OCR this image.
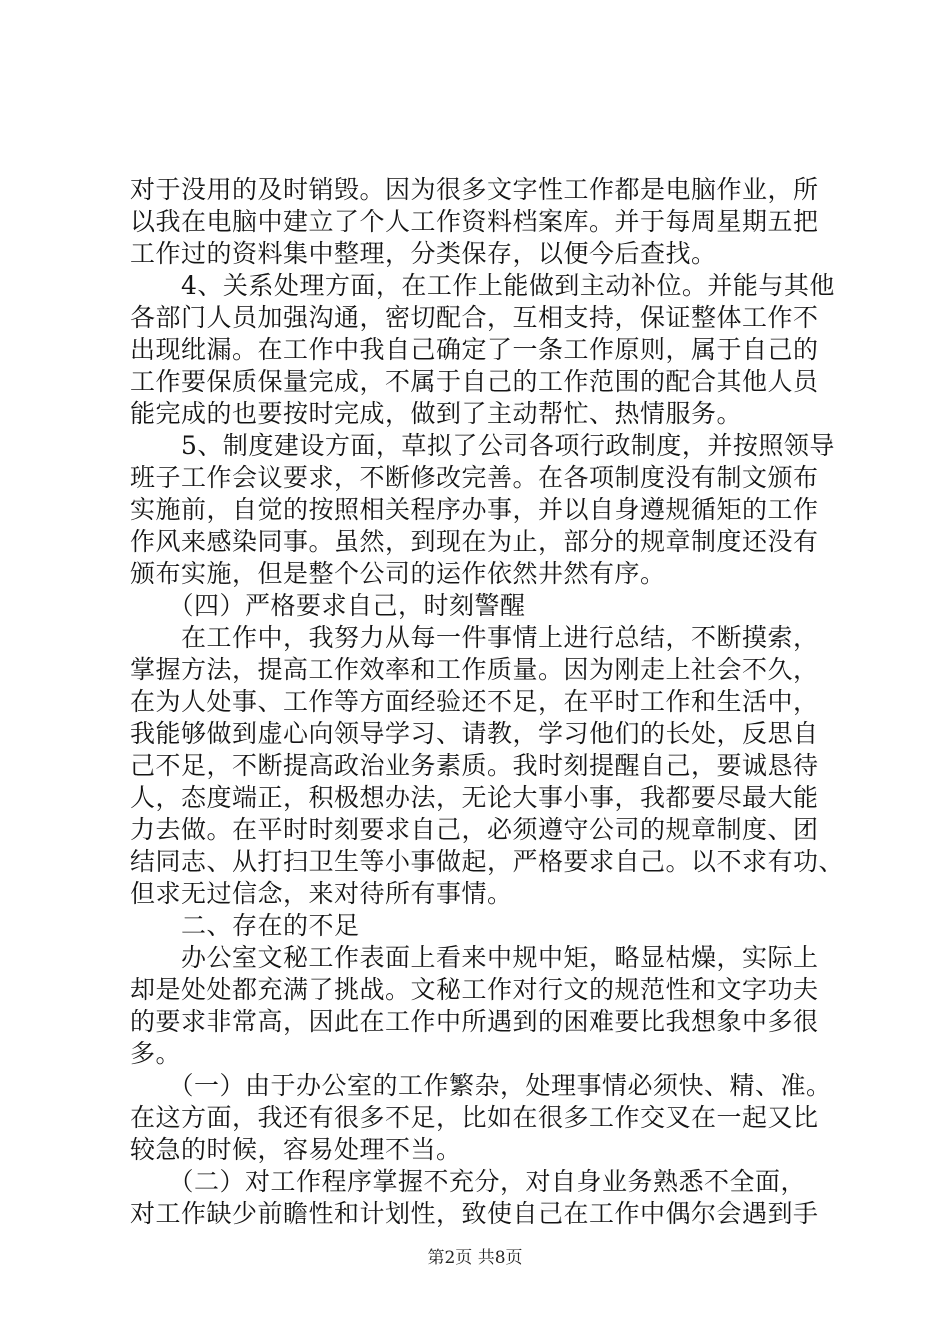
对于没用的及时销毁。因为很多文字性工作都是电脑作业，所
以我在电脑中建立了个人工作资料档案库。并于每周星期五把
工作过的资料集中整理，分类保存，以便今后查找。
　　4、关系处理方面，在工作上能做到主动补位。并能与其他
各部门人员加强沟通，密切配合，互相支持，保证整体工作不
出现纰漏。在工作中我自己确定了一条工作原则，属于自己的
工作要保质保量完成，不属于自己的工作范围的配合其他人员
能完成的也要按时完成，做到了主动帮忙、热情服务。
　　5、制度建设方面，草拟了公司各项行政制度，并按照领导
班子工作会议要求，不断修改完善。在各项制度没有制文颁布
实施前，自觉的按照相关程序办事，并以自身遵规循矩的工作
作风来感染同事。虽然，到现在为止，部分的规章制度还没有
颁布实施，但是整个公司的运作依然井然有序。
　　（四）严格要求自己，时刻警醒
　　在工作中，我努力从每一件事情上进行总结，不断摸索，
掌握方法，提高工作效率和工作质量。因为刚走上社会不久，
在为人处事、工作等方面经验还不足，在平时工作和生活中，
我能够做到虚心向领导学习、请教，学习他们的长处，反思自
己不足，不断提高政治业务素质。我时刻提醒自己，要诚恳待
人，态度端正，积极想办法，无论大事小事，我都要尽最大能
力去做。在平时时刻要求自己，必须遵守公司的规章制度、团
结同志、从打扫卫生等小事做起，严格要求自己。以不求有功、
但求无过信念，来对待所有事情。
　　二、存在的不足
　　办公室文秘工作表面上看来中规中矩，略显枯燥，实际上
却是处处都充满了挑战。文秘工作对行文的规范性和文字功夫
的要求非常高，因此在工作中所遇到的困难要比我想象中多很
多。
　　（一）由于办公室的工作繁杂，处理事情必须快、精、准。
在这方面，我还有很多不足，比如在很多工作交叉在一起又比
较急的时候，容易处理不当。
　　（二）对工作程序掌握不充分，对自身业务熟悉不全面，
对工作缺少前瞻性和计划性，致使自己在工作中偶尔会遇到手
第2页 共8页
